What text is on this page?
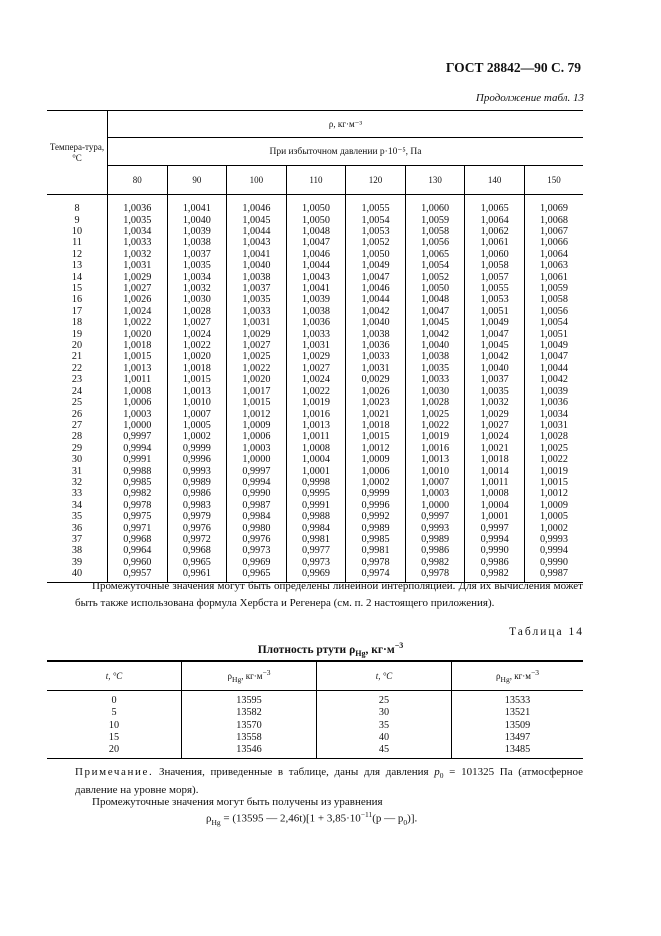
ГОСТ 28842—90 С. 79
Продолжение табл. 13
Темпера-тура, °С	ρ, кг·м⁻³							
	При избыточном давлении p·10⁻⁵, Па							
	80	90	100	110	120	130	140	150
8	1,0036	1,0041	1,0046	1,0050	1,0055	1,0060	1,0065	1,0069
9	1,0035	1,0040	1,0045	1,0050	1,0054	1,0059	1,0064	1,0068
10	1,0034	1,0039	1,0044	1,0048	1,0053	1,0058	1,0062	1,0067
11	1,0033	1,0038	1,0043	1,0047	1,0052	1,0056	1,0061	1,0066
12	1,0032	1,0037	1,0041	1,0046	1,0050	1,0065	1,0060	1,0064
13	1,0031	1,0035	1,0040	1,0044	1,0049	1,0054	1,0058	1,0063
14	1,0029	1,0034	1,0038	1,0043	1,0047	1,0052	1,0057	1,0061
15	1,0027	1,0032	1,0037	1,0041	1,0046	1,0050	1,0055	1,0059
16	1,0026	1,0030	1,0035	1,0039	1,0044	1,0048	1,0053	1,0058
17	1,0024	1,0028	1,0033	1,0038	1,0042	1,0047	1,0051	1,0056
18	1,0022	1,0027	1,0031	1,0036	1,0040	1,0045	1,0049	1,0054
19	1,0020	1,0024	1,0029	1,0033	1,0038	1,0042	1,0047	1,0051
20	1,0018	1,0022	1,0027	1,0031	1,0036	1,0040	1,0045	1,0049
21	1,0015	1,0020	1,0025	1,0029	1,0033	1,0038	1,0042	1,0047
22	1,0013	1,0018	1,0022	1,0027	1,0031	1,0035	1,0040	1,0044
23	1,0011	1,0015	1,0020	1,0024	0,0029	1,0033	1,0037	1,0042
24	1,0008	1,0013	1,0017	1,0022	1,0026	1,0030	1,0035	1,0039
25	1,0006	1,0010	1,0015	1,0019	1,0023	1,0028	1,0032	1,0036
26	1,0003	1,0007	1,0012	1,0016	1,0021	1,0025	1,0029	1,0034
27	1,0000	1,0005	1,0009	1,0013	1,0018	1,0022	1,0027	1,0031
28	0,9997	1,0002	1,0006	1,0011	1,0015	1,0019	1,0024	1,0028
29	0,9994	0,9999	1,0003	1,0008	1,0012	1,0016	1,0021	1,0025
30	0,9991	0,9996	1,0000	1,0004	1,0009	1,0013	1,0018	1,0022
31	0,9988	0,9993	0,9997	1,0001	1,0006	1,0010	1,0014	1,0019
32	0,9985	0,9989	0,9994	0,9998	1,0002	1,0007	1,0011	1,0015
33	0,9982	0,9986	0,9990	0,9995	0,9999	1,0003	1,0008	1,0012
34	0,9978	0,9983	0,9987	0,9991	0,9996	1,0000	1,0004	1,0009
35	0,9975	0,9979	0,9984	0,9988	0,9992	0,9997	1,0001	1,0005
36	0,9971	0,9976	0,9980	0,9984	0,9989	0,9993	0,9997	1,0002
37	0,9968	0,9972	0,9976	0,9981	0,9985	0,9989	0,9994	0,9993
38	0,9964	0,9968	0,9973	0,9977	0,9981	0,9986	0,9990	0,9994
39	0,9960	0,9965	0,9969	0,9973	0,9978	0,9982	0,9986	0,9990
40	0,9957	0,9961	0,9965	0,9969	0,9974	0,9978	0,9982	0,9987
Промежуточные значения могут быть определены линейной интерполяцией. Для их вычисления может быть также использована формула Хербста и Регенера (см. п. 2 настоящего приложения).
Таблица 14
Плотность ртути $\rho_{Hg}$, $кг\cdot м^{-3}$
t, °С	$\rho_{Hg}$, $кг\cdot м^{-3}$	t, °С	$\rho_{Hg}$, $кг\cdot м^{-3}$
0	13595	25	13533
5	13582	30	13521
10	13570	35	13509
15	13558	40	13497
20	13546	45	13485
Примечание. Значения, приведенные в таблице, даны для давления $p_0 = 101325$ Па (атмосферное давление на уровне моря).
Промежуточные значения могут быть получены из уравнения
$\rho_{Hg} = (13595$ — $2,46t)[1 + 3,85\cdot 10^{-11}(p$ — $p_0$)].
